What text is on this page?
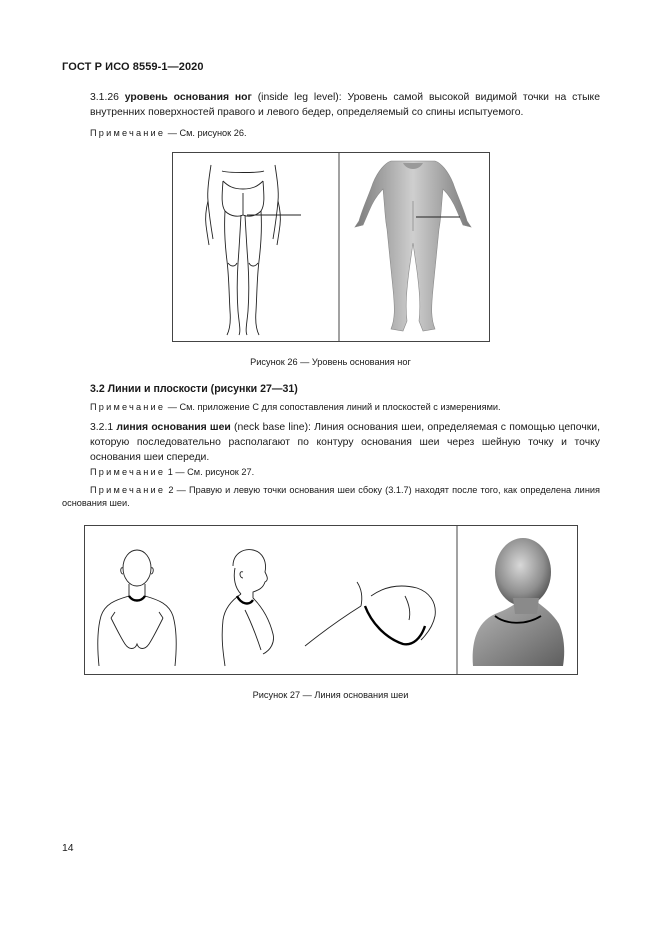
ГОСТ Р ИСО 8559-1—2020
3.1.26 уровень основания ног (inside leg level): Уровень самой высокой видимой точки на стыке внутренних поверхностей правого и левого бедер, определяемый со спины испытуемого.
Примечание — См. рисунок 26.
Рисунок 26 — Уровень основания ног
3.2 Линии и плоскости (рисунки 27—31)
Примечание — См. приложение С для сопоставления линий и плоскостей с измерениями.
3.2.1 линия основания шеи (neck base line): Линия основания шеи, определяемая с помощью цепочки, которую последовательно располагают по контуру основания шеи через шейную точку и точку основания шеи спереди.
Примечание 1 — См. рисунок 27.
Примечание 2 — Правую и левую точки основания шеи сбоку (3.1.7) находят после того, как определена линия основания шеи.
Рисунок 27 — Линия основания шеи
14
